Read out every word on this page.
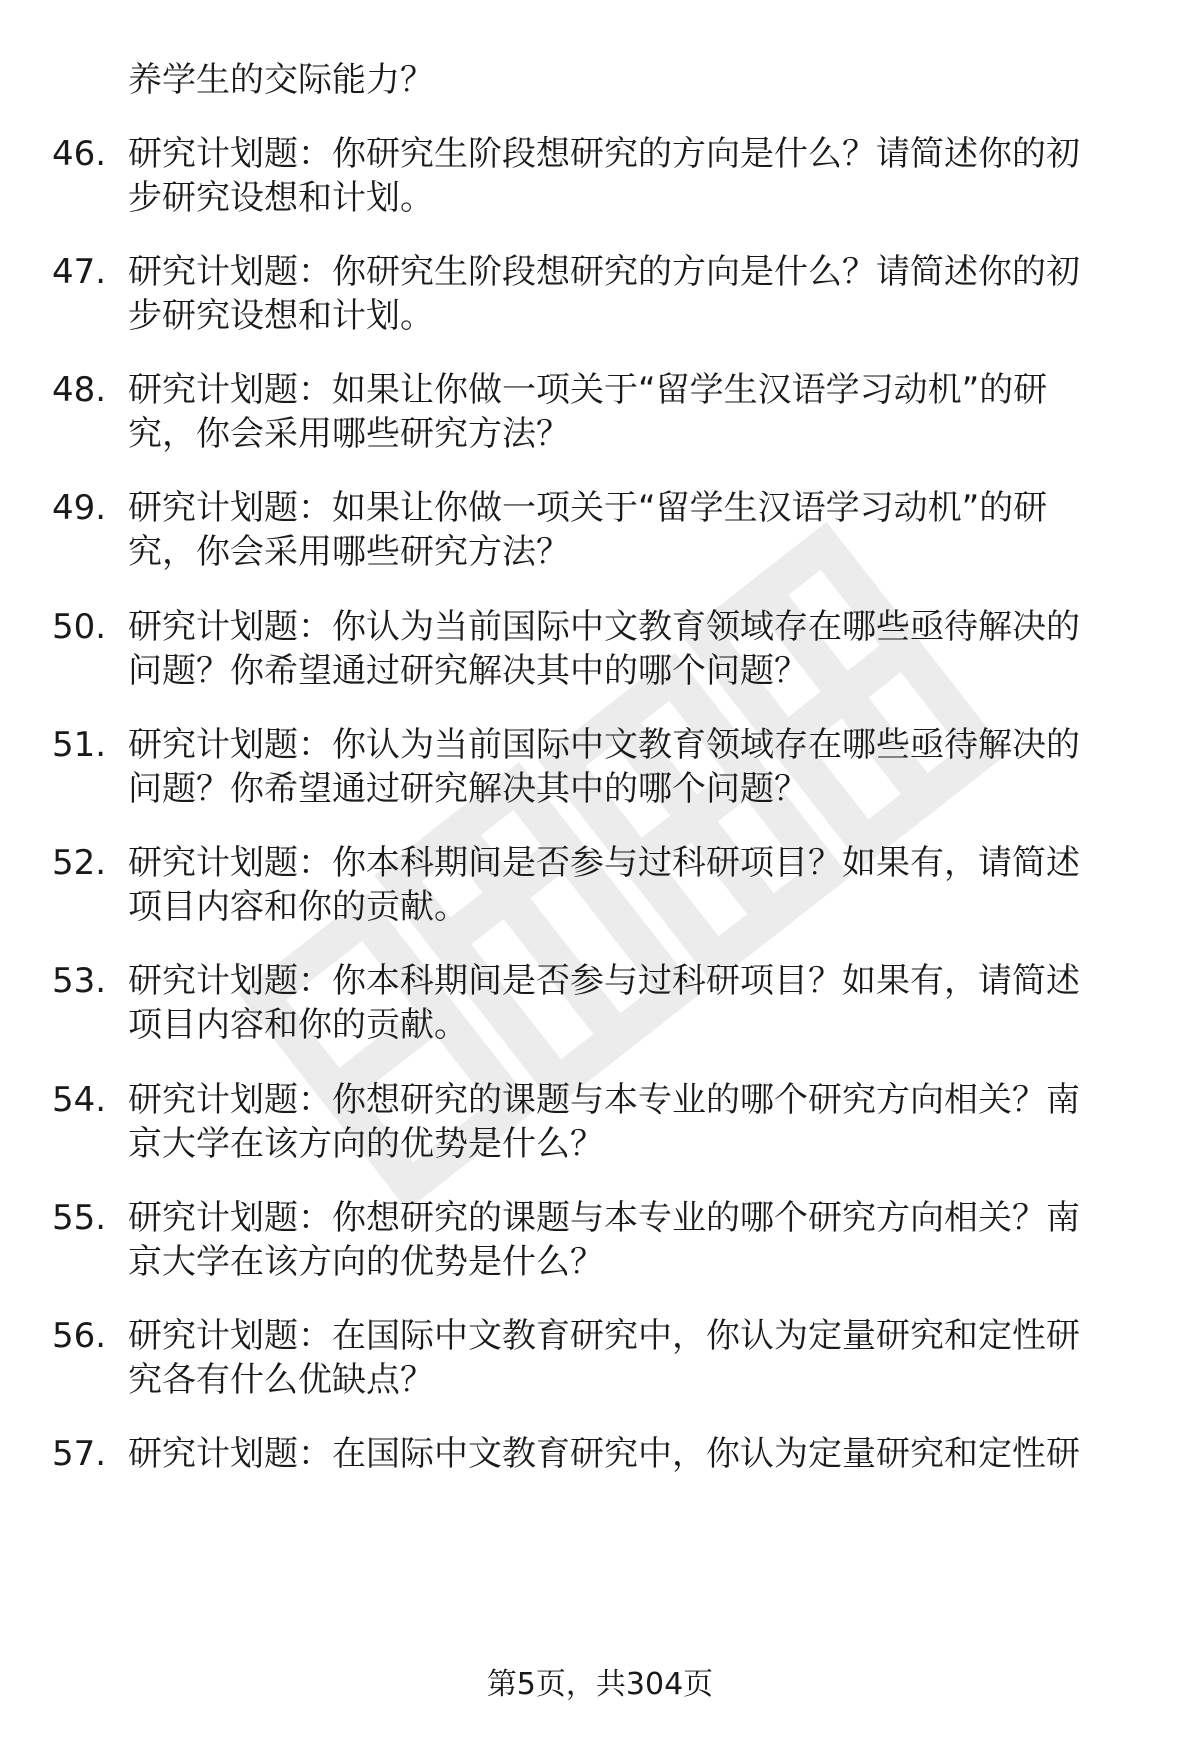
养学生的交际能力？
46. 研究计划题：你研究生阶段想研究的方向是什么？请简述你的初
步研究设想和计划。
47. 研究计划题：你研究生阶段想研究的方向是什么？请简述你的初
步研究设想和计划。
48. 研究计划题：如果让你做一项关于“留学生汉语学习动机”的研
究，你会采用哪些研究方法？
49. 研究计划题：如果让你做一项关于“留学生汉语学习动机”的研
究，你会采用哪些研究方法？
50. 研究计划题：你认为当前国际中文教育领域存在哪些亟待解决的
问题？你希望通过研究解决其中的哪个问题？
51. 研究计划题：你认为当前国际中文教育领域存在哪些亟待解决的
问题？你希望通过研究解决其中的哪个问题？
52. 研究计划题：你本科期间是否参与过科研项目？如果有，请简述
项目内容和你的贡献。
53. 研究计划题：你本科期间是否参与过科研项目？如果有，请简述
项目内容和你的贡献。
54. 研究计划题：你想研究的课题与本专业的哪个研究方向相关？南
京大学在该方向的优势是什么？
55. 研究计划题：你想研究的课题与本专业的哪个研究方向相关？南
京大学在该方向的优势是什么？
56. 研究计划题：在国际中文教育研究中，你认为定量研究和定性研
究各有什么优缺点？
57. 研究计划题：在国际中文教育研究中，你认为定量研究和定性研
第5页，共304页
